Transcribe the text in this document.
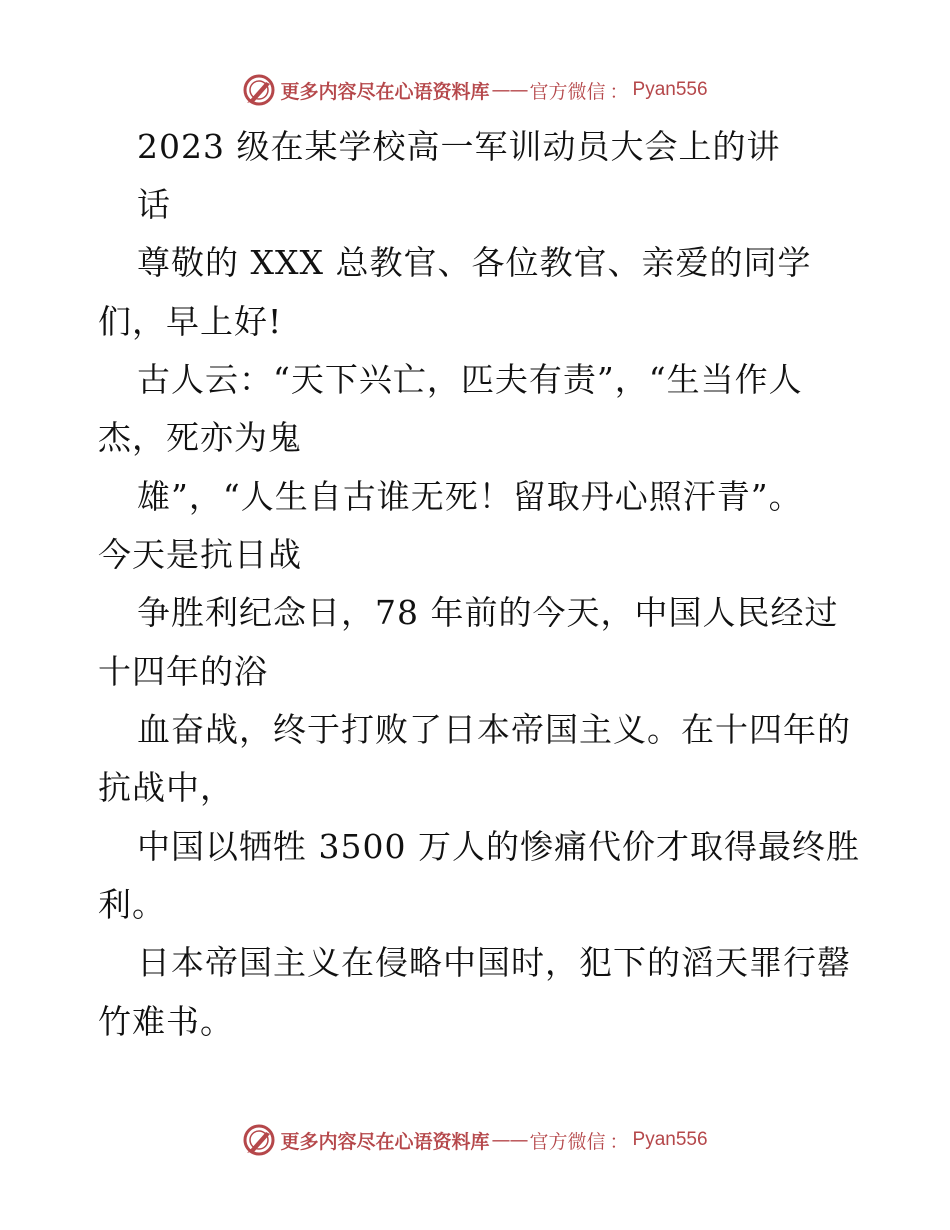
更多内容尽在心语资料库 —— 官方微信 ： Pyan556
2023 级在某学校高一军训动员大会上的讲
话
尊敬的 XXX 总教官、各位教官、亲爱的同学
们，早上好!
古人云：“天下兴亡，匹夫有责”，“生当作人
杰，死亦为鬼
雄”，“人生自古谁无死！留取丹心照汗青”。
今天是抗日战
争胜利纪念日，78 年前的今天，中国人民经过
十四年的浴
血奋战，终于打败了日本帝国主义。在十四年的
抗战中，
中国以牺牲 3500 万人的惨痛代价才取得最终胜
利。
日本帝国主义在侵略中国时，犯下的滔天罪行罄
竹难书。
更多内容尽在心语资料库 —— 官方微信 ： Pyan556
